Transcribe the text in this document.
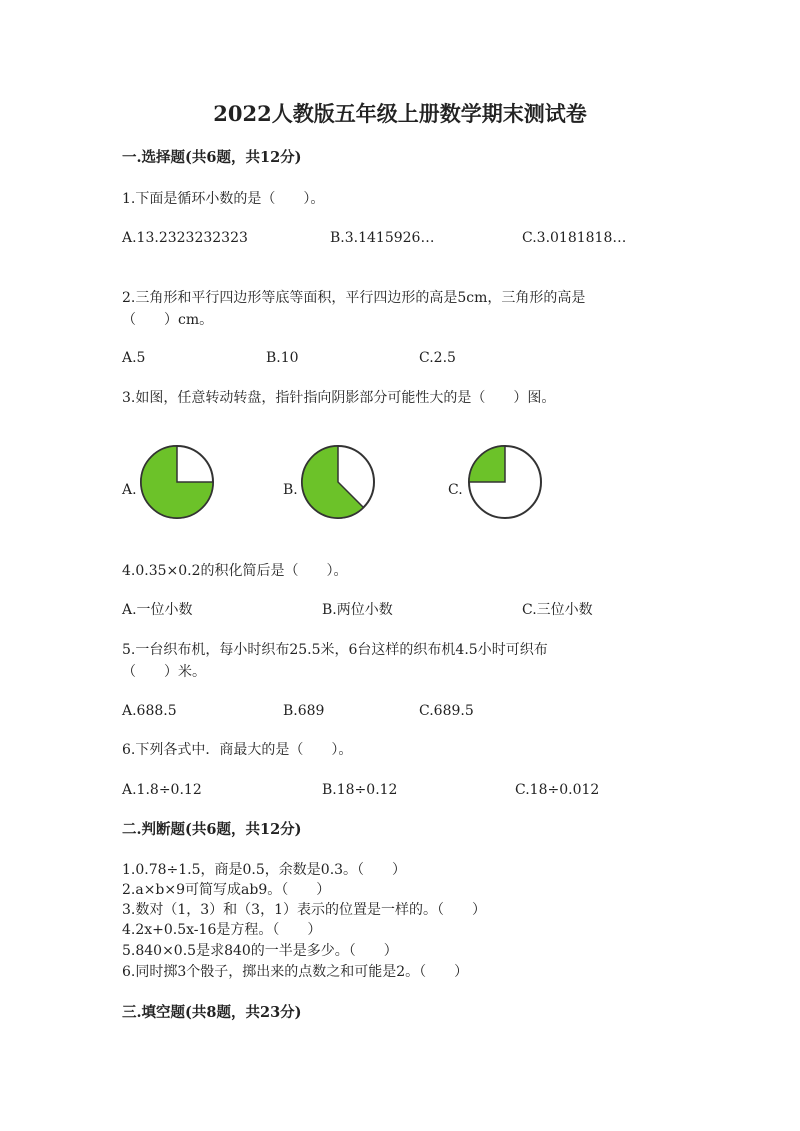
2022人教版五年级上册数学期末测试卷
一.选择题(共6题，共12分)
1.下面是循环小数的是（　　）。
A.13.2323232323	B.3.1415926…	C.3.0181818…
2.三角形和平行四边形等底等面积，平行四边形的高是5cm，三角形的高是
（　　）cm。
A.5	B.10	C.2.5
3.如图，任意转动转盘，指针指向阴影部分可能性大的是（　　）图。
A.	B.	C.
4.0.35×0.2的积化简后是（　　）。
A.一位小数	B.两位小数	C.三位小数
5.一台织布机，每小时织布25.5米，6台这样的织布机4.5小时可织布
（　　）米。
A.688.5	B.689	C.689.5
6.下列各式中．商最大的是（　　）。
A.1.8÷0.12	B.18÷0.12	C.18÷0.012
二.判断题(共6题，共12分)
1.0.78÷1.5，商是0.5，余数是0.3。（　　）
2.a×b×9可简写成ab9。（　　）
3.数对（1，3）和（3，1）表示的位置是一样的。（　　）
4.2x+0.5x-16是方程。（　　）
5.840×0.5是求840的一半是多少。（　　）
6.同时掷3个骰子，掷出来的点数之和可能是2。（　　）
三.填空题(共8题，共23分)
